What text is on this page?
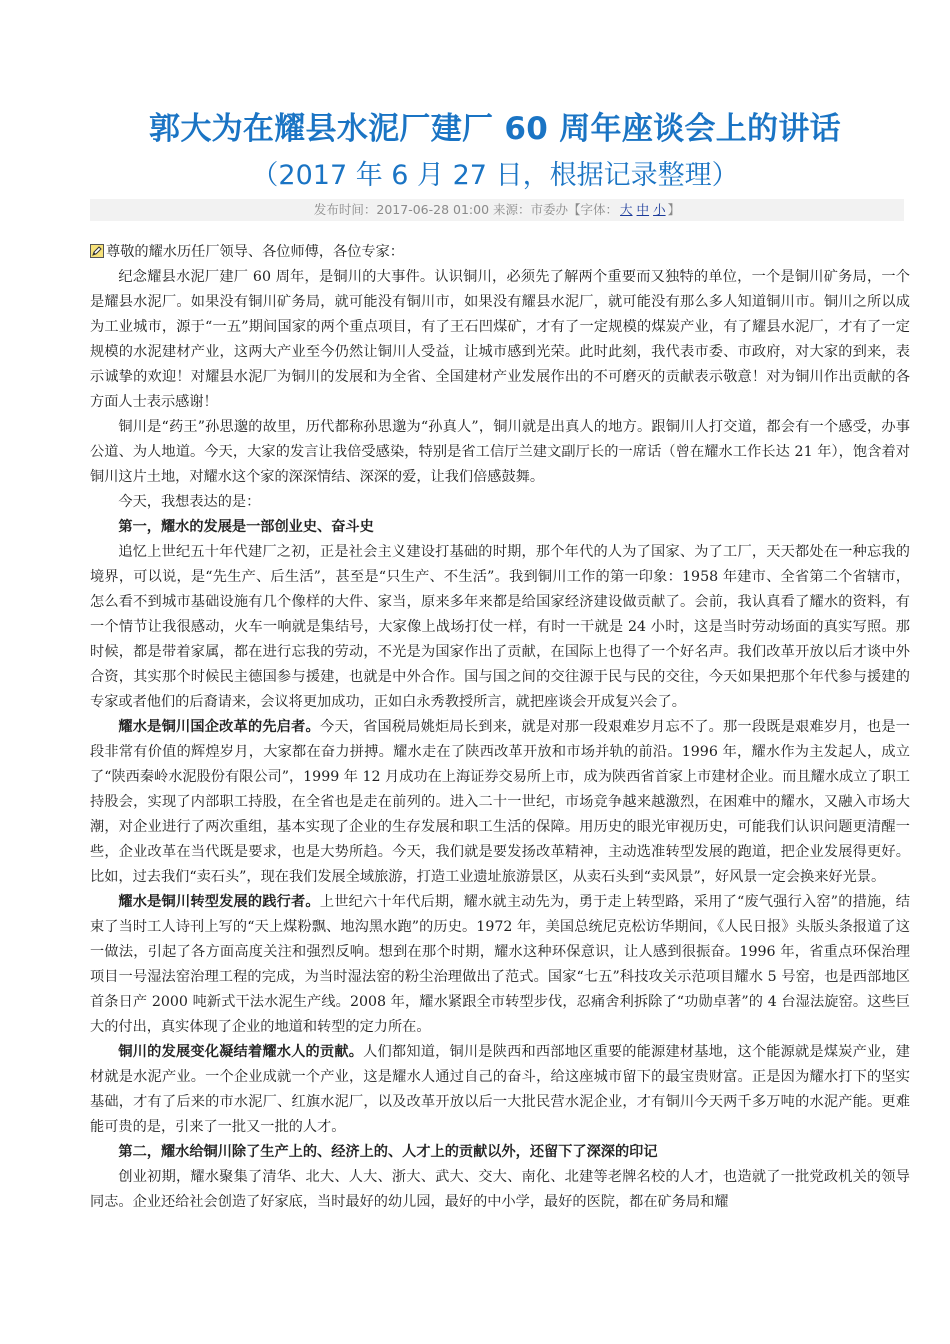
郭大为在耀县水泥厂建厂 60 周年座谈会上的讲话
（2017 年 6 月 27 日，根据记录整理）
发布时间：2017-06-28 01:00 来源：市委办【字体： 大 中 小 】

尊敬的耀水历任厂领导、各位师傅，各位专家：

纪念耀县水泥厂建厂 60 周年，是铜川的大事件。认识铜川，必须先了解两个重要而又独特的单位，一个是铜川矿务局，一个是耀县水泥厂。如果没有铜川矿务局，就可能没有铜川市，如果没有耀县水泥厂，就可能没有那么多人知道铜川市。铜川之所以成为工业城市，源于“一五”期间国家的两个重点项目，有了王石凹煤矿，才有了一定规模的煤炭产业，有了耀县水泥厂，才有了一定规模的水泥建材产业，这两大产业至今仍然让铜川人受益，让城市感到光荣。此时此刻，我代表市委、市政府，对大家的到来，表示诚挚的欢迎！对耀县水泥厂为铜川的发展和为全省、全国建材产业发展作出的不可磨灭的贡献表示敬意！对为铜川作出贡献的各方面人士表示感谢！

铜川是“药王”孙思邈的故里，历代都称孙思邈为“孙真人”，铜川就是出真人的地方。跟铜川人打交道，都会有一个感受，办事公道、为人地道。今天，大家的发言让我倍受感染，特别是省工信厅兰建文副厅长的一席话（曾在耀水工作长达 21 年），饱含着对铜川这片土地，对耀水这个家的深深情结、深深的爱，让我们倍感鼓舞。

今天，我想表达的是：

第一，耀水的发展是一部创业史、奋斗史

追忆上世纪五十年代建厂之初，正是社会主义建设打基础的时期，那个年代的人为了国家、为了工厂，天天都处在一种忘我的境界，可以说，是“先生产、后生活”，甚至是“只生产、不生活”。我到铜川工作的第一印象：1958 年建市、全省第二个省辖市，怎么看不到城市基础设施有几个像样的大件、家当，原来多年来都是给国家经济建设做贡献了。会前，我认真看了耀水的资料，有一个情节让我很感动，火车一响就是集结号，大家像上战场打仗一样，有时一干就是 24 小时，这是当时劳动场面的真实写照。那时候，都是带着家属，都在进行忘我的劳动，不光是为国家作出了贡献，在国际上也得了一个好名声。我们改革开放以后才谈中外合资，其实那个时候民主德国参与援建，也就是中外合作。国与国之间的交往源于民与民的交往，今天如果把那个年代参与援建的专家或者他们的后裔请来，会议将更加成功，正如白永秀教授所言，就把座谈会开成复兴会了。

耀水是铜川国企改革的先启者。今天，省国税局姚炬局长到来，就是对那一段艰难岁月忘不了。那一段既是艰难岁月，也是一段非常有价值的辉煌岁月，大家都在奋力拼搏。耀水走在了陕西改革开放和市场并轨的前沿。1996 年，耀水作为主发起人，成立了“陕西秦岭水泥股份有限公司”，1999 年 12 月成功在上海证券交易所上市，成为陕西省首家上市建材企业。而且耀水成立了职工持股会，实现了内部职工持股，在全省也是走在前列的。进入二十一世纪，市场竞争越来越激烈，在困难中的耀水，又融入市场大潮，对企业进行了两次重组，基本实现了企业的生存发展和职工生活的保障。用历史的眼光审视历史，可能我们认识问题更清醒一些，企业改革在当代既是要求，也是大势所趋。今天，我们就是要发扬改革精神，主动选准转型发展的跑道，把企业发展得更好。比如，过去我们“卖石头”，现在我们发展全域旅游，打造工业遗址旅游景区，从卖石头到“卖风景”，好风景一定会换来好光景。

耀水是铜川转型发展的践行者。上世纪六十年代后期，耀水就主动先为，勇于走上转型路，采用了“废气强行入窑”的措施，结束了当时工人诗刊上写的“天上煤粉飘、地沟黑水跑”的历史。1972 年，美国总统尼克松访华期间，《人民日报》头版头条报道了这一做法，引起了各方面高度关注和强烈反响。想到在那个时期，耀水这种环保意识，让人感到很振奋。1996 年，省重点环保治理项目一号湿法窑治理工程的完成，为当时湿法窑的粉尘治理做出了范式。国家“七五”科技攻关示范项目耀水 5 号窑，也是西部地区首条日产 2000 吨新式干法水泥生产线。2008 年，耀水紧跟全市转型步伐，忍痛舍利拆除了“功勋卓著”的 4 台湿法旋窑。这些巨大的付出，真实体现了企业的地道和转型的定力所在。

铜川的发展变化凝结着耀水人的贡献。人们都知道，铜川是陕西和西部地区重要的能源建材基地，这个能源就是煤炭产业，建材就是水泥产业。一个企业成就一个产业，这是耀水人通过自己的奋斗，给这座城市留下的最宝贵财富。正是因为耀水打下的坚实基础，才有了后来的市水泥厂、红旗水泥厂，以及改革开放以后一大批民营水泥企业，才有铜川今天两千多万吨的水泥产能。更难能可贵的是，引来了一批又一批的人才。

第二，耀水给铜川除了生产上的、经济上的、人才上的贡献以外，还留下了深深的印记

创业初期，耀水聚集了清华、北大、人大、浙大、武大、交大、南化、北建等老牌名校的人才，也造就了一批党政机关的领导同志。企业还给社会创造了好家底，当时最好的幼儿园，最好的中小学，最好的医院，都在矿务局和耀
